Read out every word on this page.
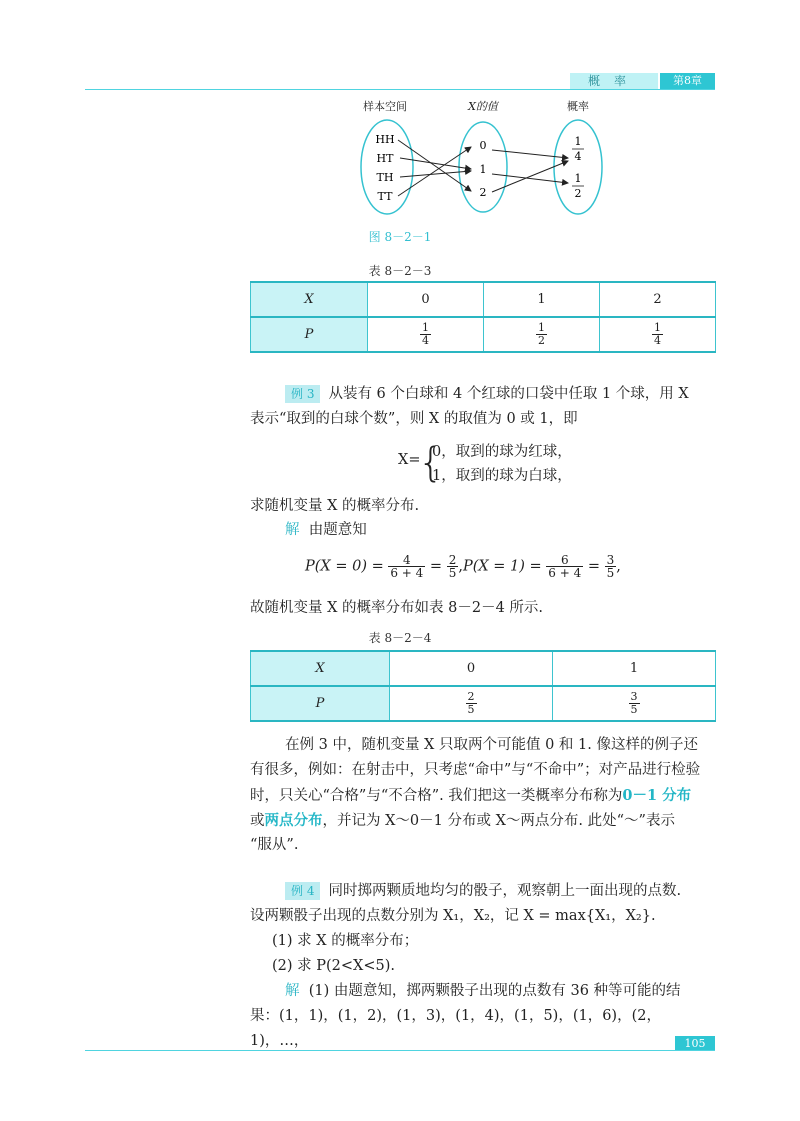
概率	第8章
样本空间	X的值
HH
HT
TH
TT
0
1
2
概率
1
4
1
2
图 8－2－1
表 8－2－3
X	0	1	2
P	$\frac{1}{4}$	$\frac{1}{2}$	$\frac{1}{4}$
例 3 从装有 6 个白球和 4 个红球的口袋中任取 1 个球，用 X
表示“取到的白球个数”，则 X 的取值为 0 或 1，即
X=
{
0，取到的球为红球，
1，取到的球为白球，
求随机变量 X 的概率分布.
解 由题意知
$P(X = 0) = \frac{4}{6 + 4} = \frac{2}{5} ,P(X = 1) = \frac{6}{6 + 4} = \frac{3}{5}$ ,
故随机变量 X 的概率分布如表 8－2－4 所示.
表 8－2－4
X	0	1
P	$\frac{2}{5}$	$\frac{3}{5}$
在例 3 中，随机变量 X 只取两个可能值 0 和 1. 像这样的例子还
有很多，例如：在射击中，只考虑“命中”与“不命中”；对产品进行检验
时，只关心“合格”与“不合格”. 我们把这一类概率分布称为0－1 分布
或两点分布，并记为 X～0－1 分布或 X～两点分布. 此处“～”表示
“服从”.
例 4 同时掷两颗质地均匀的骰子，观察朝上一面出现的点数.
设两颗骰子出现的点数分别为 X₁，X₂，记 X = max{X₁，X₂}.
(1) 求 X 的概率分布；
(2) 求 P(2<X<5).
解 (1) 由题意知，掷两颗骰子出现的点数有 36 种等可能的结
果：(1，1)，(1，2)，(1，3)，(1，4)，(1，5)，(1，6)，(2，1)，…，	105
